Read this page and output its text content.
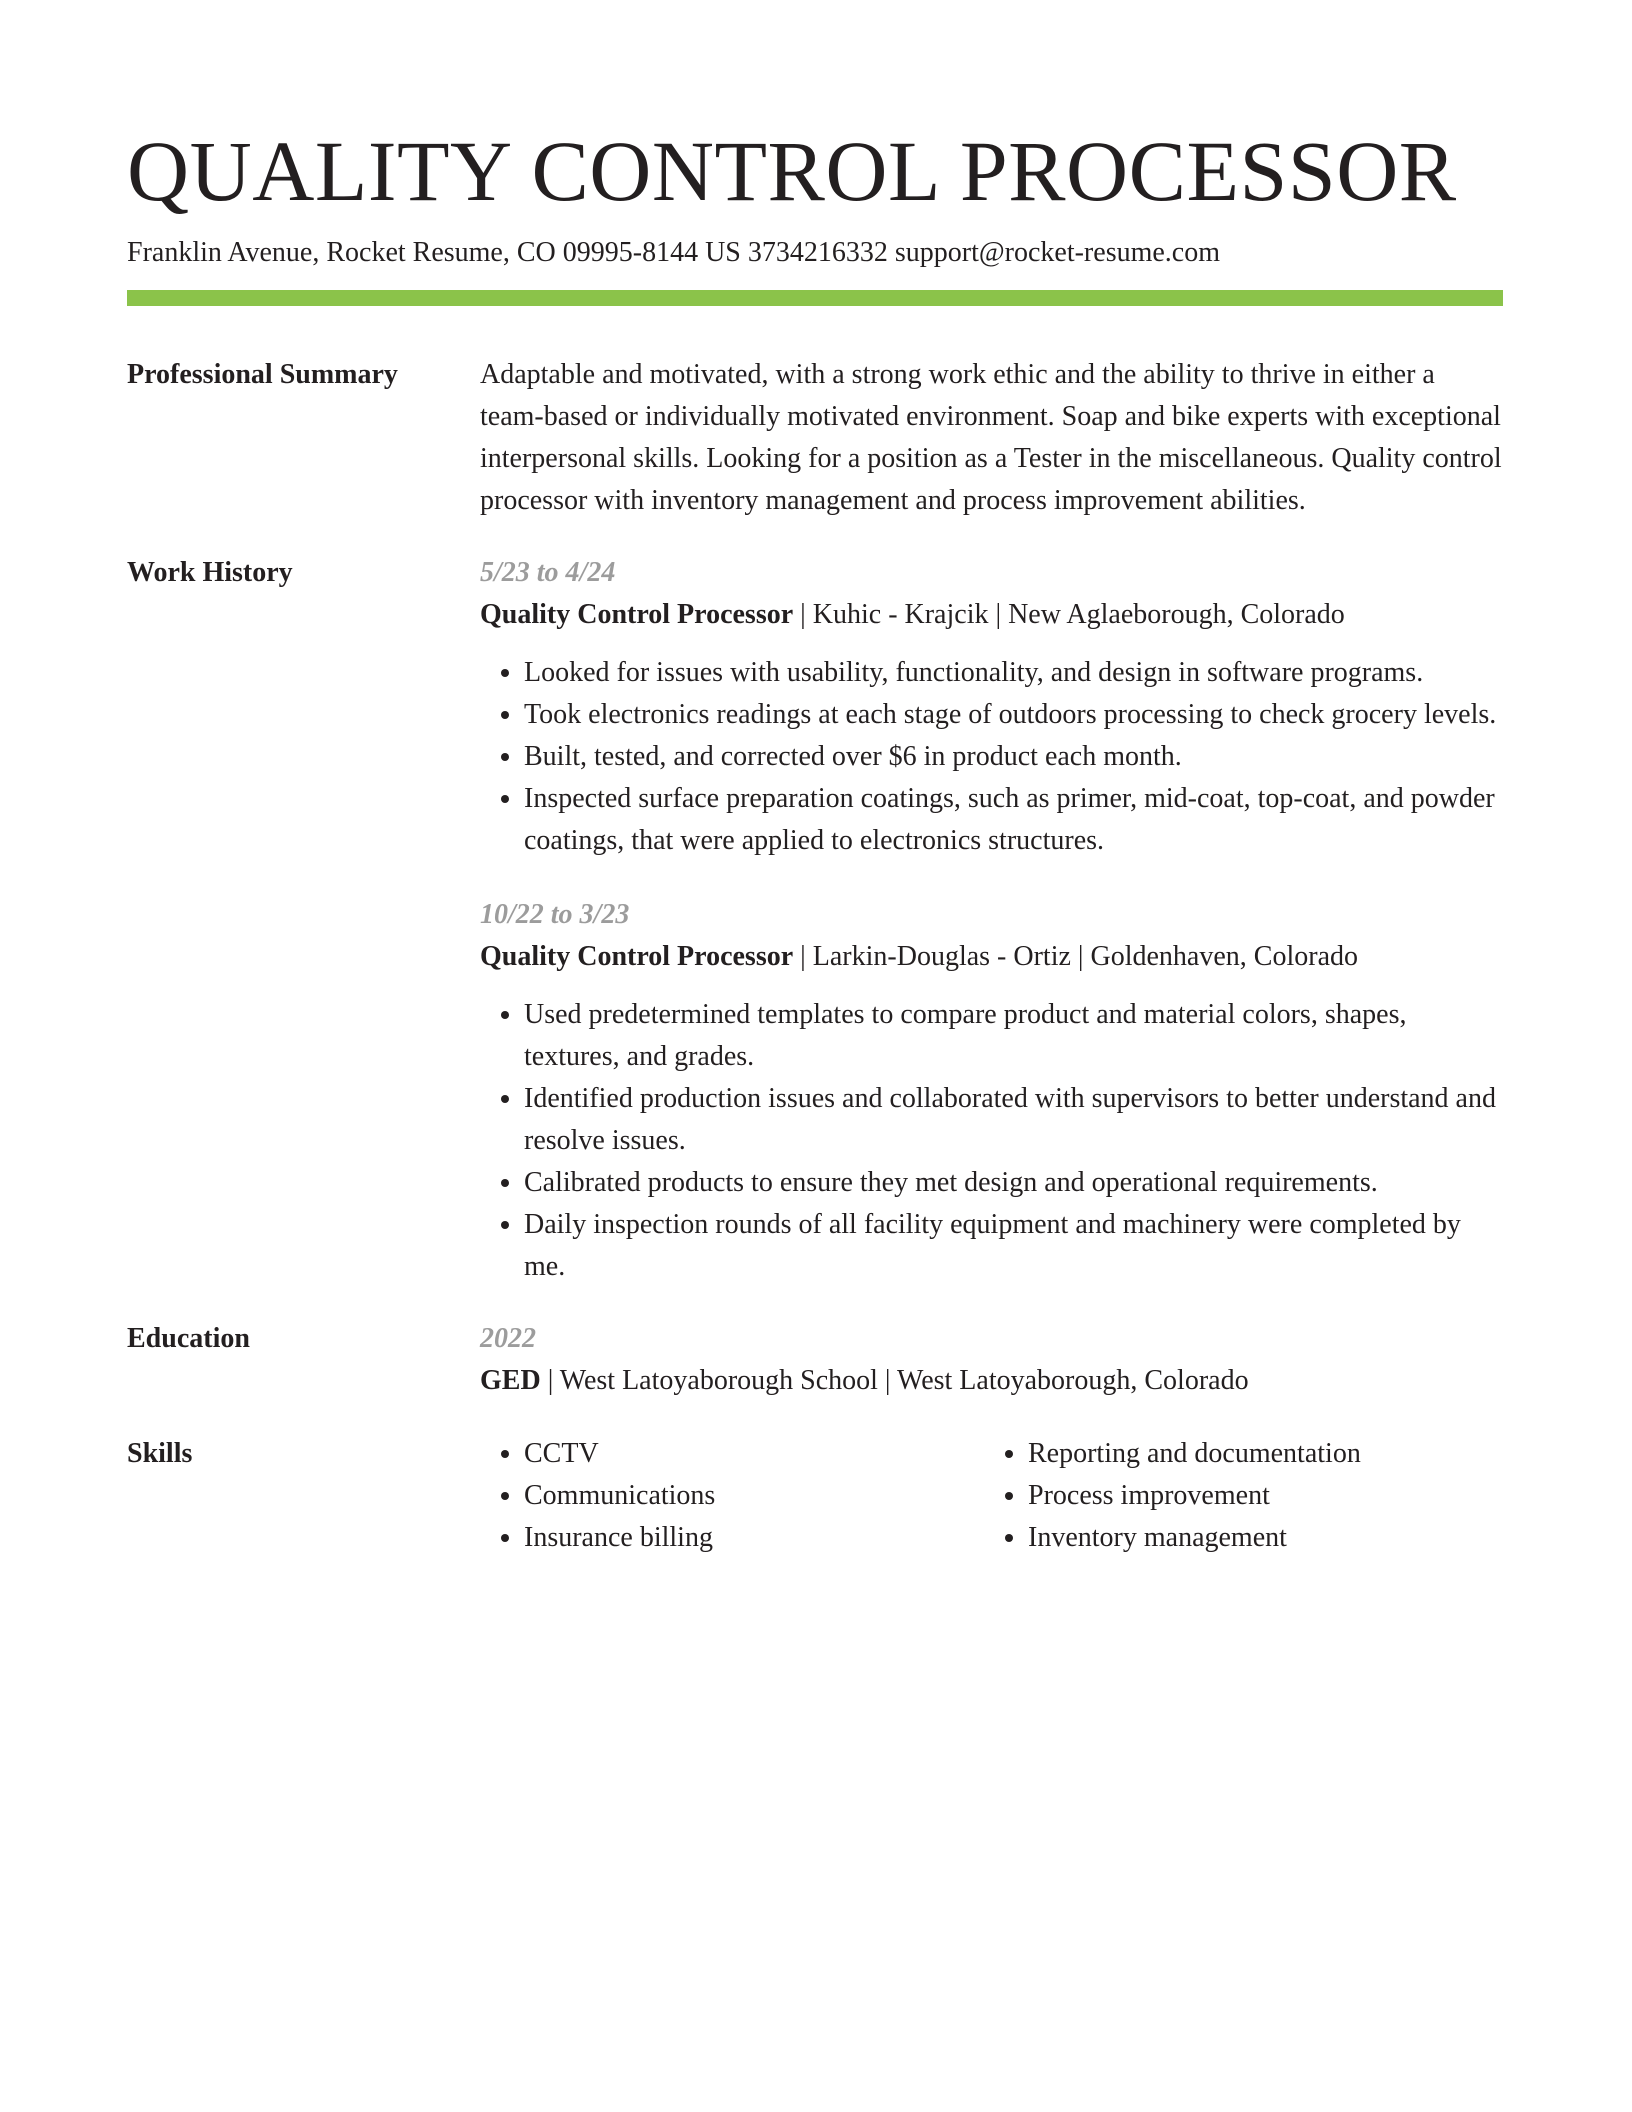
QUALITY CONTROL PROCESSOR
Franklin Avenue, Rocket Resume, CO 09995-8144 US 3734216332 support@rocket-resume.com
Professional Summary	Adaptable and motivated, with a strong work ethic and the ability to thrive in either a team-based or individually motivated environment. Soap and bike experts with exceptional interpersonal skills. Looking for a position as a Tester in the miscellaneous. Quality control processor with inventory management and process improvement abilities.
Work History	5/23 to 4/24
Quality Control Processor | Kuhic - Krajcik | New Aglaeborough, Colorado
• Looked for issues with usability, functionality, and design in software programs.
• Took electronics readings at each stage of outdoors processing to check grocery levels.
• Built, tested, and corrected over $6 in product each month.
• Inspected surface preparation coatings, such as primer, mid-coat, top-coat, and powder coatings, that were applied to electronics structures.
10/22 to 3/23
Quality Control Processor | Larkin-Douglas - Ortiz | Goldenhaven, Colorado
• Used predetermined templates to compare product and material colors, shapes, textures, and grades.
• Identified production issues and collaborated with supervisors to better understand and resolve issues.
• Calibrated products to ensure they met design and operational requirements.
• Daily inspection rounds of all facility equipment and machinery were completed by me.
Education	2022
GED | West Latoyaborough School | West Latoyaborough, Colorado
Skills
•	CCTV
• Communications
• Insurance billing
• Reporting and documentation
• Process improvement
• Inventory management
